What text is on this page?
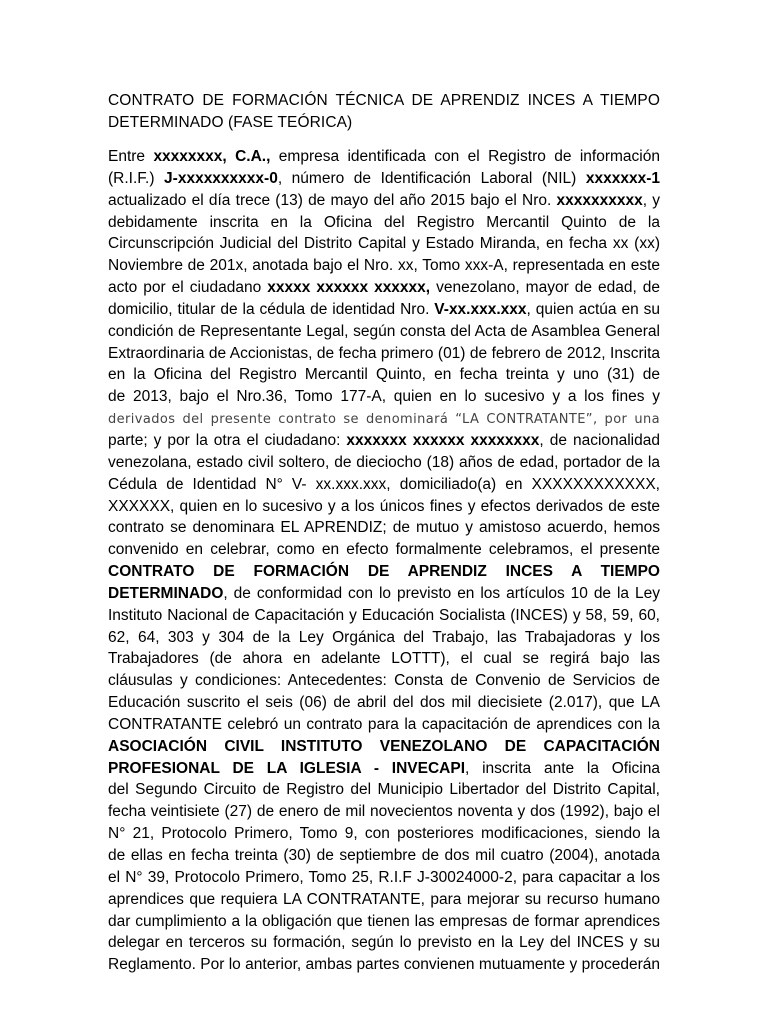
CONTRATO DE FORMACIÓN TÉCNICA DE APRENDIZ INCES A TIEMPO
DETERMINADO (FASE TEÓRICA)
Entre xxxxxxxx, C.A., empresa identificada con el Registro de información
(R.I.F.) J-xxxxxxxxxx-0, número de Identificación Laboral (NIL) xxxxxxx-1
actualizado el día trece (13) de mayo del año 2015 bajo el Nro. xxxxxxxxxx, y
debidamente inscrita en la Oficina del Registro Mercantil Quinto de la
Circunscripción Judicial del Distrito Capital y Estado Miranda, en fecha xx (xx)
Noviembre de 201x, anotada bajo el Nro. xx, Tomo xxx-A, representada en este
acto por el ciudadano xxxxx xxxxxx xxxxxx, venezolano, mayor de edad, de
domicilio, titular de la cédula de identidad Nro. V-xx.xxx.xxx, quien actúa en su
condición de Representante Legal, según consta del Acta de Asamblea General
Extraordinaria de Accionistas, de fecha primero (01) de febrero de 2012, Inscrita
en la Oficina del Registro Mercantil Quinto, en fecha treinta y uno (31) de
de 2013, bajo el Nro.36, Tomo 177-A, quien en lo sucesivo y a los fines y
derivados del presente contrato se denominará “LA CONTRATANTE”, por una
parte; y por la otra el ciudadano: xxxxxxx xxxxxx xxxxxxxx, de nacionalidad
venezolana, estado civil soltero, de dieciocho (18) años de edad, portador de la
Cédula de Identidad N° V- xx.xxx.xxx, domiciliado(a) en XXXXXXXXXXXX,
XXXXXX, quien en lo sucesivo y a los únicos fines y efectos derivados de este
contrato se denominara EL APRENDIZ; de mutuo y amistoso acuerdo, hemos
convenido en celebrar, como en efecto formalmente celebramos, el presente
CONTRATO DE FORMACIÓN DE APRENDIZ INCES A TIEMPO
DETERMINADO, de conformidad con lo previsto en los artículos 10 de la Ley
Instituto Nacional de Capacitación y Educación Socialista (INCES) y 58, 59, 60,
62, 64, 303 y 304 de la Ley Orgánica del Trabajo, las Trabajadoras y los
Trabajadores (de ahora en adelante LOTTT), el cual se regirá bajo las
cláusulas y condiciones: Antecedentes: Consta de Convenio de Servicios de
Educación suscrito el seis (06) de abril del dos mil diecisiete (2.017), que LA
CONTRATANTE celebró un contrato para la capacitación de aprendices con la
ASOCIACIÓN CIVIL INSTITUTO VENEZOLANO DE CAPACITACIÓN
PROFESIONAL DE LA IGLESIA - INVECAPI, inscrita ante la Oficina
del Segundo Circuito de Registro del Municipio Libertador del Distrito Capital,
fecha veintisiete (27) de enero de mil novecientos noventa y dos (1992), bajo el
N° 21, Protocolo Primero, Tomo 9, con posteriores modificaciones, siendo la
de ellas en fecha treinta (30) de septiembre de dos mil cuatro (2004), anotada
el N° 39, Protocolo Primero, Tomo 25, R.I.F J-30024000-2, para capacitar a los
aprendices que requiera LA CONTRATANTE, para mejorar su recurso humano
dar cumplimiento a la obligación que tienen las empresas de formar aprendices
delegar en terceros su formación, según lo previsto en la Ley del INCES y su
Reglamento. Por lo anterior, ambas partes convienen mutuamente y procederán
